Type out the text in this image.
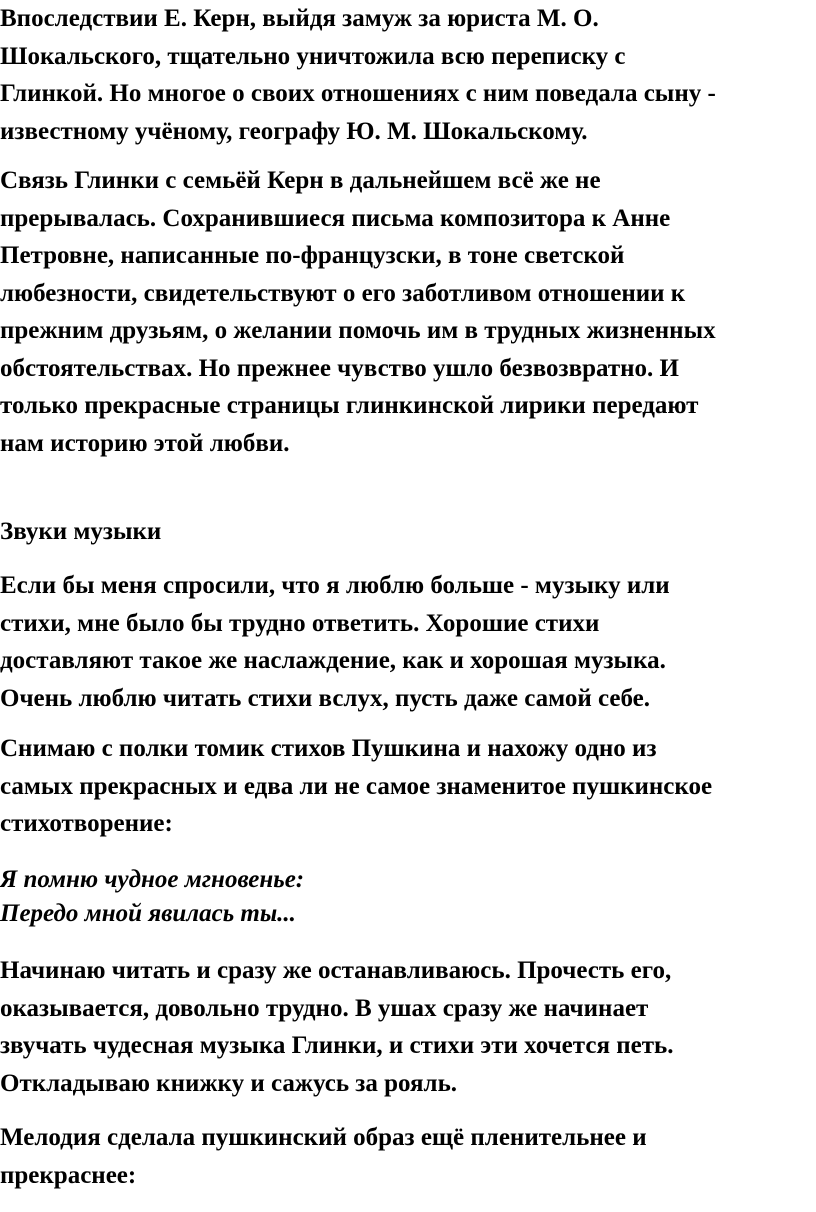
Впоследствии Е. Керн, выйдя замуж за юриста М. О.
Шокальского, тщательно уничтожила всю переписку с
Глинкой. Но многое о своих отношениях с ним поведала сыну -
известному учёному, географу Ю. М. Шокальскому.
Связь Глинки с семьёй Керн в дальнейшем всё же не
прерывалась. Сохранившиеся письма композитора к Анне
Петровне, написанные по-французски, в тоне светской
любезности, свидетельствуют о его заботливом отношении к
прежним друзьям, о желании помочь им в трудных жизненных
обстоятельствах. Но прежнее чувство ушло безвозвратно. И
только прекрасные страницы глинкинской лирики передают
нам историю этой любви.
Звуки музыки
Если бы меня спросили, что я люблю больше - музыку или
стихи, мне было бы трудно ответить. Хорошие стихи
доставляют такое же наслаждение, как и хорошая музыка.
Очень люблю читать стихи вслух, пусть даже самой себе.
Снимаю с полки томик стихов Пушкина и нахожу одно из
самых прекрасных и едва ли не самое знаменитое пушкинское
стихотворение:
Я помню чудное мгновенье:
Передо мной явилась ты...
Начинаю читать и сразу же останавливаюсь. Прочесть его,
оказывается, довольно трудно. В ушах сразу же начинает
звучать чудесная музыка Глинки, и стихи эти хочется петь.
Откладываю книжку и сажусь за рояль.
Мелодия сделала пушкинский образ ещё пленительнее и
прекраснее:
